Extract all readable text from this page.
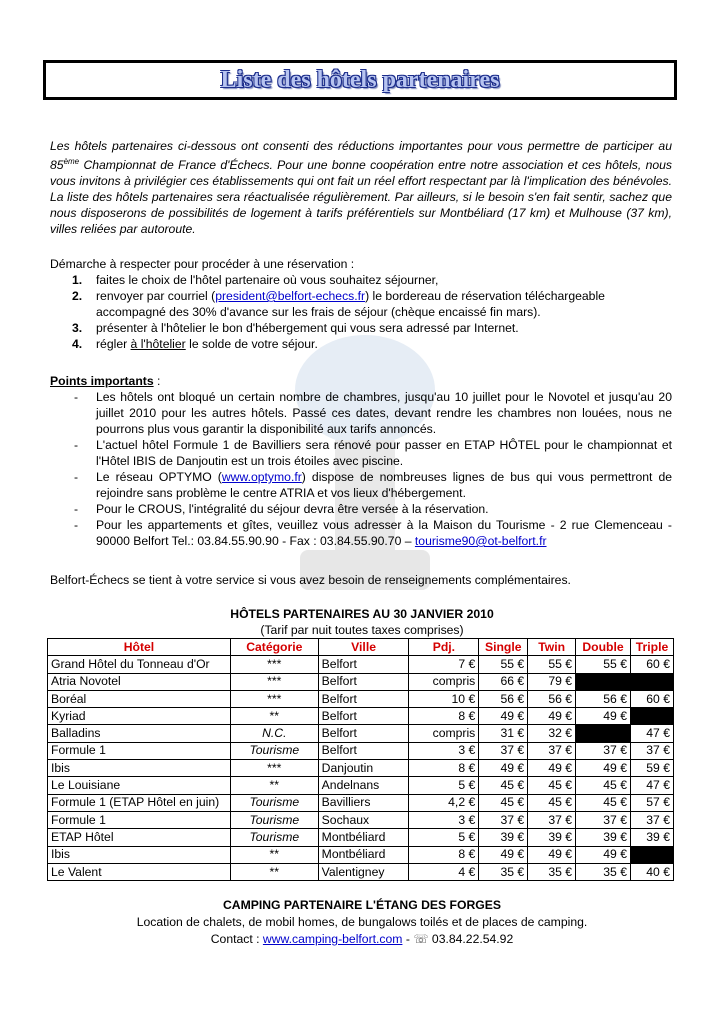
Liste des hôtels partenaires

Les hôtels partenaires ci-dessous ont consenti des réductions importantes pour vous permettre de participer au 85ème Championnat de France d'Échecs. Pour une bonne coopération entre notre association et ces hôtels, nous vous invitons à privilégier ces établissements qui ont fait un réel effort respectant par là l'implication des bénévoles. La liste des hôtels partenaires sera réactualisée régulièrement. Par ailleurs, si le besoin s'en fait sentir, sachez que nous disposerons de possibilités de logement à tarifs préférentiels sur Montbéliard (17 km) et Mulhouse (37 km), villes reliées par autoroute.

Démarche à respecter pour procéder à une réservation :
1. faites le choix de l'hôtel partenaire où vous souhaitez séjourner,
2. renvoyer par courriel (president@belfort-echecs.fr) le bordereau de réservation téléchargeable accompagné des 30% d'avance sur les frais de séjour (chèque encaissé fin mars).
3. présenter à l'hôtelier le bon d'hébergement qui vous sera adressé par Internet.
4. régler à l'hôtelier le solde de votre séjour.
Points importants :
- Les hôtels ont bloqué un certain nombre de chambres, jusqu'au 10 juillet pour le Novotel et jusqu'au 20 juillet 2010 pour les autres hôtels. Passé ces dates, devant rendre les chambres non louées, nous ne pourrons plus vous garantir la disponibilité aux tarifs annoncés.
- L'actuel hôtel Formule 1 de Bavilliers sera rénové pour passer en ETAP HÔTEL pour le championnat et l'Hôtel IBIS de Danjoutin est un trois étoiles avec piscine.
- Le réseau OPTYMO (www.optymo.fr) dispose de nombreuses lignes de bus qui vous permettront de rejoindre sans problème le centre ATRIA et vos lieux d'hébergement.
- Pour le CROUS, l'intégralité du séjour devra être versée à la réservation.
- Pour les appartements et gîtes, veuillez vous adresser à la Maison du Tourisme - 2 rue Clemenceau - 90000 Belfort Tel.: 03.84.55.90.90 - Fax : 03.84.55.90.70 – tourisme90@ot-belfort.fr
Belfort-Échecs se tient à votre service si vous avez besoin de renseignements complémentaires.
HÔTELS PARTENAIRES AU 30 JANVIER 2010
(Tarif par nuit toutes taxes comprises)
Hôtel	Catégorie	Ville	Pdj.	Single	Twin	Double	Triple
Grand Hôtel du Tonneau d'Or	***	Belfort	7 €	55 €	55 €	55 €	60 €
Atria Novotel	***	Belfort	compris	66 €	79 €		
Boréal	***	Belfort	10 €	56 €	56 €	56 €	60 €
Kyriad	**	Belfort	8 €	49 €	49 €	49 €	
Balladins	N.C.	Belfort	compris	31 €	32 €		47 €
Formule 1	Tourisme	Belfort	3 €	37 €	37 €	37 €	37 €
Ibis	***	Danjoutin	8 €	49 €	49 €	49 €	59 €
Le Louisiane	**	Andelnans	5 €	45 €	45 €	45 €	47 €
Formule 1 (ETAP Hôtel en juin)	Tourisme	Bavilliers	4,2 €	45 €	45 €	45 €	57 €
Formule 1	Tourisme	Sochaux	3 €	37 €	37 €	37 €	37 €
ETAP Hôtel	Tourisme	Montbéliard	5 €	39 €	39 €	39 €	39 €
Ibis	**	Montbéliard	8 €	49 €	49 €	49 €	
Le Valent	**	Valentigney	4 €	35 €	35 €	35 €	40 €
CAMPING PARTENAIRE L'ÉTANG DES FORGES
Location de chalets, de mobil homes, de bungalows toilés et de places de camping.
Contact : www.camping-belfort.com - ☏ 03.84.22.54.92
